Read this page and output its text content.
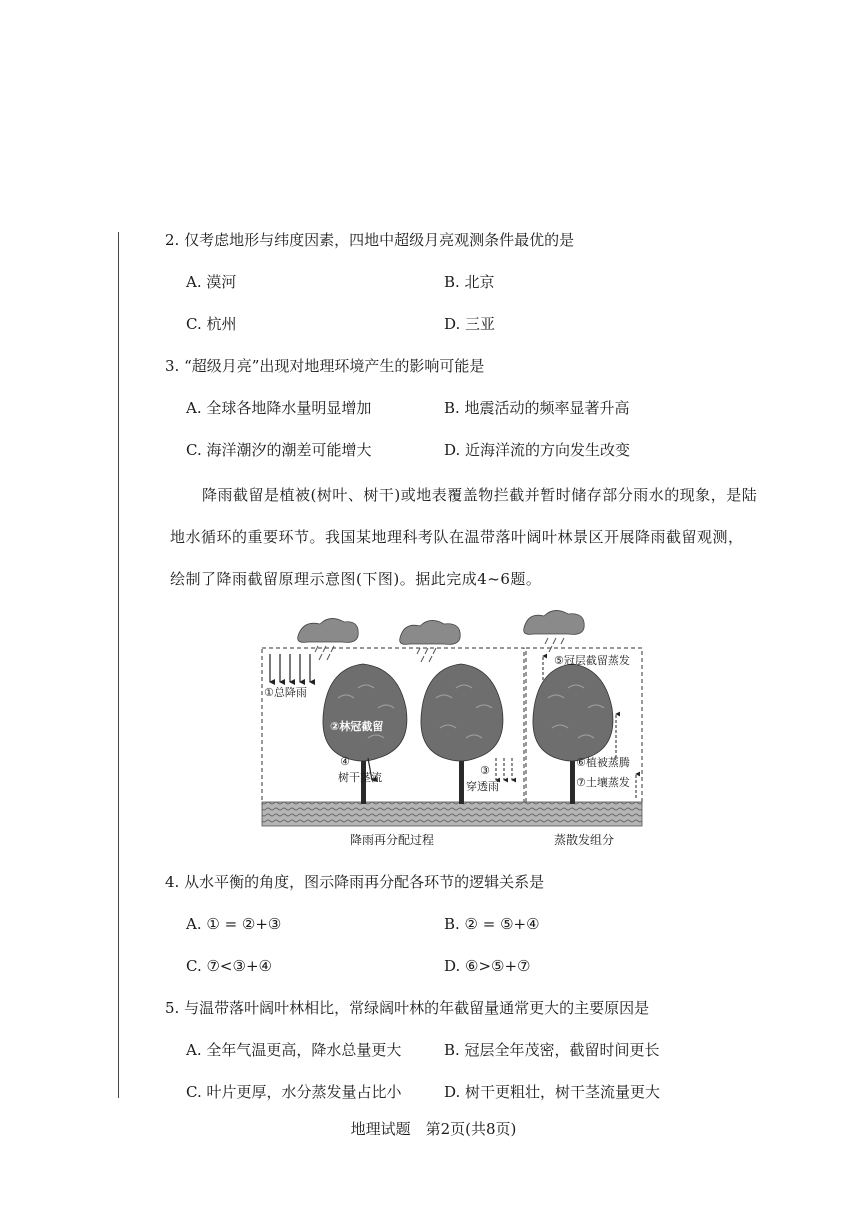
2. 仅考虑地形与纬度因素，四地中超级月亮观测条件最优的是
A. 漠河	B. 北京
C. 杭州	D. 三亚
3. “超级月亮”出现对地理环境产生的影响可能是
A. 全球各地降水量明显增加	B. 地震活动的频率显著升高
C. 海洋潮汐的潮差可能增大	D. 近海洋流的方向发生改变
降雨截留是植被(树叶、树干)或地表覆盖物拦截并暂时储存部分雨水的现象，是陆
地水循环的重要环节。我国某地理科考队在温带落叶阔叶林景区开展降雨截留观测，
绘制了降雨截留原理示意图(下图)。据此完成4~6题。
①总降雨
②林冠截留
④
树干茎流
③
穿透雨
⑤冠层截留蒸发
⑥植被蒸腾
⑦土壤蒸发
降雨再分配过程	蒸散发组分
4. 从水平衡的角度，图示降雨再分配各环节的逻辑关系是
A. ① = ②+③	B. ② = ⑤+④
C. ⑦<③+④	D. ⑥>⑤+⑦
5. 与温带落叶阔叶林相比，常绿阔叶林的年截留量通常更大的主要原因是
A. 全年气温更高，降水总量更大	B. 冠层全年茂密，截留时间更长
C. 叶片更厚，水分蒸发量占比小	D. 树干更粗壮，树干茎流量更大
地理试题　第2页(共8页)
